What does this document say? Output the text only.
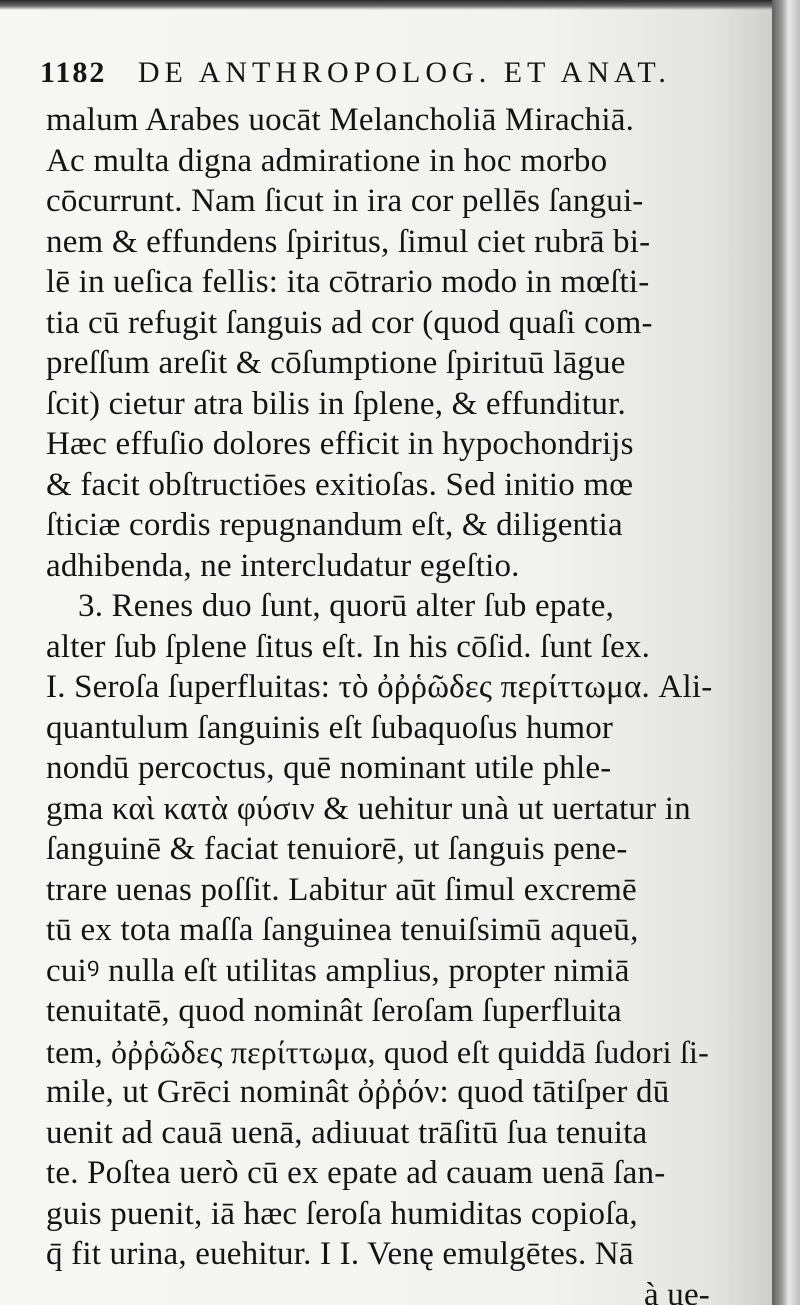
1182 DE ANTHROPOLOG. ET ANAT.
malum Arabes uocāt Melancholiā Mirachiā.
Ac multa digna admiratione in hoc morbo
cōcurrunt. Nam ſicut in ira cor pellēs ſangui-
nem & effundens ſpiritus, ſimul ciet rubrā bi-
lē in ueſica fellis: ita cōtrario modo in mœſti-
tia cū refugit ſanguis ad cor (quod quaſi com-
preſſum areſit & cōſumptione ſpirituū lāgue
ſcit) cietur atra bilis in ſplene, & effunditur.
Hæc effuſio dolores efficit in hypochondrijs
& facit obſtructiōes exitioſas. Sed initio mœ
ſticiæ cordis repugnandum eſt, & diligentia
adhibenda, ne intercludatur egeſtio.
3. Renes duo ſunt, quorū alter ſub epate,
alter ſub ſplene ſitus eſt. In his cōſid. ſunt ſex.
I. Seroſa ſuperfluitas: τὸ ὀῤῥῶδες περίττωμα. Ali-
quantulum ſanguinis eſt ſubaquoſus humor
nondū percoctus, quē nominant utile phle-
gma καὶ κατὰ φύσιν & uehitur unà ut uertatur in
ſanguinē & faciat tenuiorē, ut ſanguis pene-
trare uenas poſſit. Labitur aūt ſimul excremē
tū ex tota maſſa ſanguinea tenuiſsimū aqueū,
cuiꝰ nulla eſt utilitas amplius, propter nimiā
tenuitatē, quod nominât ſeroſam ſuperfluita
tem, ὀῤῥῶδες περίττωμα, quod eſt quiddā ſudori ſi-
mile, ut Grēci nominât ὀῤῥόν: quod tātiſper dū
uenit ad cauā uenā, adiuuat trāſitū ſua tenuita
te. Poſtea uerò cū ex epate ad cauam uenā ſan-
guis puenit, iā hæc ſeroſa humiditas copioſa,
q̄ fit urina, euehitur. I I. Venę emulgētes. Nā
à ue-
